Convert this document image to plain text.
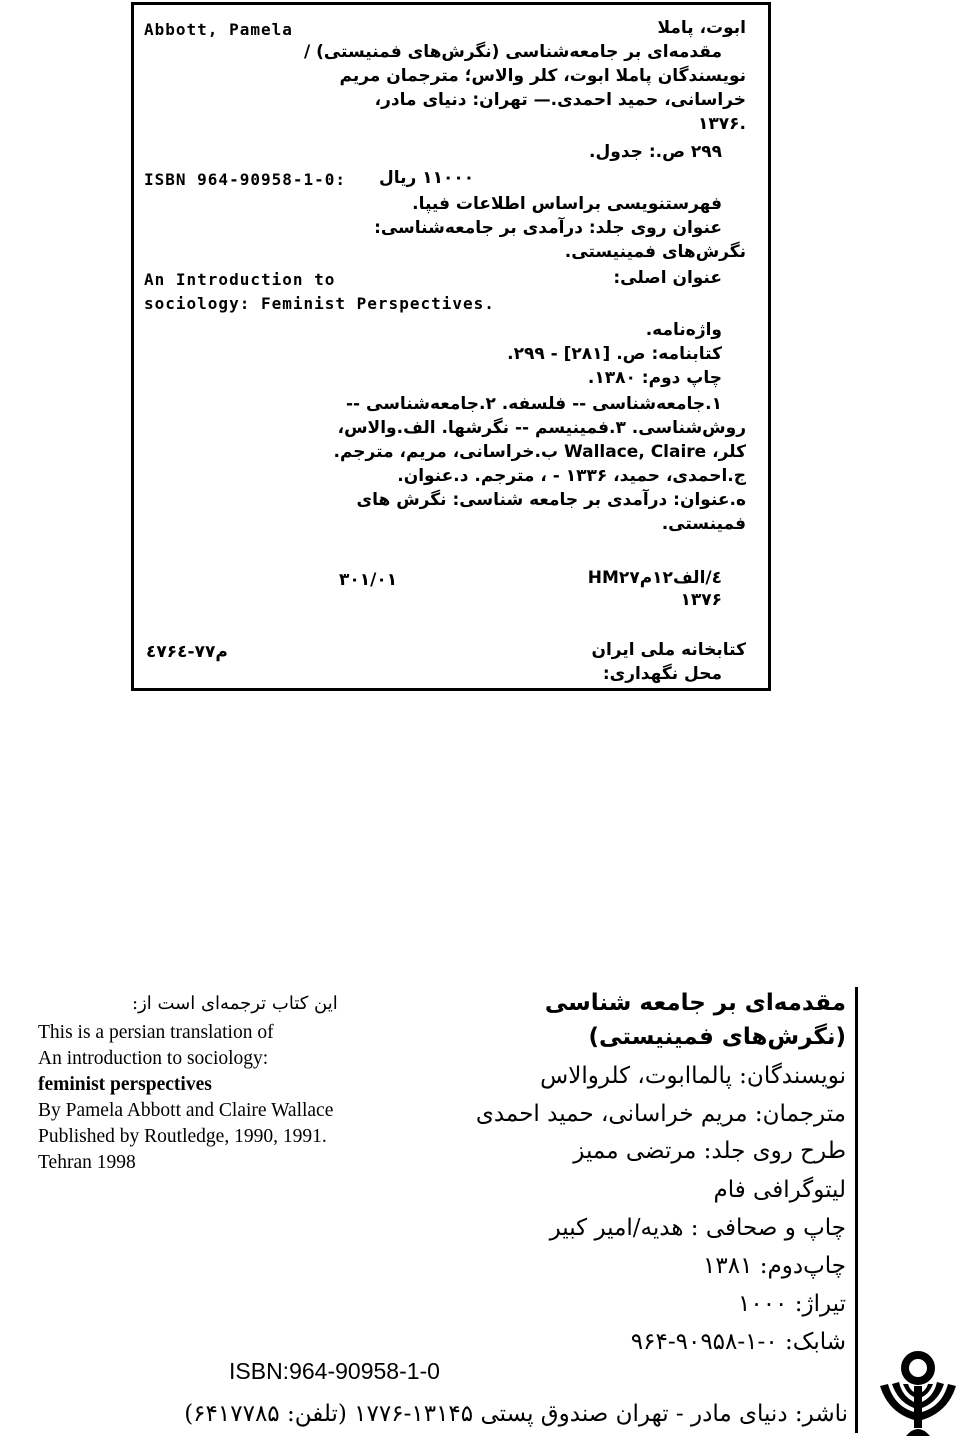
Abbott, Pamela	ابوت، پاملا
مقدمه‌ای بر جامعه‌شناسی (نگرش‌های فمنیستی) /
نویسندگان پاملا ابوت، کلر والاس؛ مترجمان مریم
خراسانی، حمید احمدی.— تهران: دنیای مادر،
۱۳۷۶.
۲۹۹ ص.: جدول.
ISBN 964-90958-1-0: ۱۱۰۰۰ ریال
فهرستنویسی براساس اطلاعات فیپا.
عنوان روی جلد: درآمدی بر جامعه‌شناسی:
نگرش‌های فمینیستی.
An Introduction to	عنوان اصلی:
sociology: Feminist Perspectives.
واژه‌نامه.
کتابنامه: ص. [۲۸۱] - ۲۹۹.
چاپ دوم: ۱۳۸۰.
۱.جامعه‌شناسی -- فلسفه. ۲.جامعه‌شناسی --
روش‌شناسی. ۳.فمینیسم -- نگرشها. الف.والاس،
کلر، Wallace, Claire ب.خراسانی، مریم، مترجم.
ج.احمدی، حمید، ۱۳۳۶ - ، مترجم. د.عنوان.
ه.عنوان: درآمدی بر جامعه شناسی: نگرش های
فمینستی.
۳۰۱/۰۱	HM۲٤/الف۱۲م۷
۱۳۷۶
م۷۷-٤۷۶٤	کتابخانه ملی ایران
محل نگهداری:
این کتاب ترجمه‌ای است از:
This is a persian translation of
An introduction to sociology:
feminist perspectives
By Pamela Abbott and Claire Wallace
Published by Routledge, 1990, 1991.
Tehran 1998
مقدمه‌ای بر جامعه شناسی
(نگرش‌های فمینیستی)
نویسندگان: پالماابوت، کلروالاس
مترجمان: مریم خراسانی، حمید احمدی
طرح روی جلد: مرتضی ممیز
لیتوگرافی فام
چاپ و صحافی : هدیه/امیر کبیر
چاپ‌دوم: ۱۳۸۱
تیراژ: ۱۰۰۰
شابک: ۰-۱-۹۰۹۵۸-۹۶۴
ISBN:964-90958-1-0
ناشر: دنیای مادر - تهران صندوق پستی ۱۳۱۴۵-۱۷۷۶ (تلفن: ۶۴۱۷۷۸۵)
